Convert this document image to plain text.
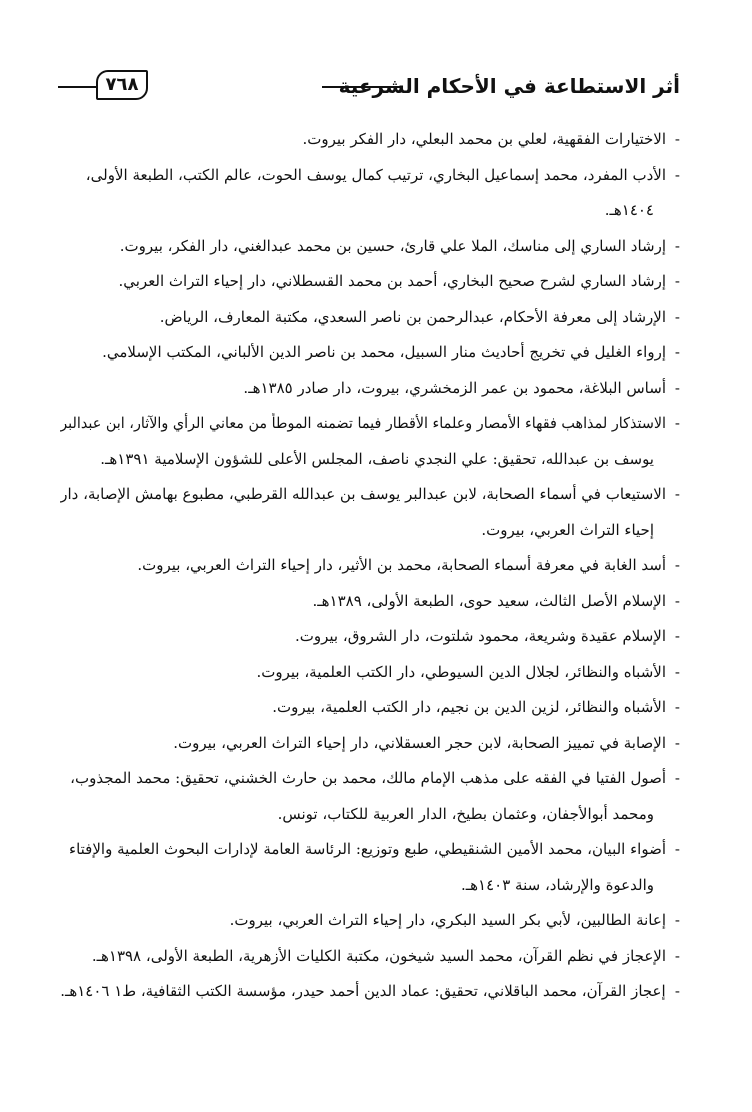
أثر الاستطاعة في الأحكام الشرعية
٧٦٨
-
الاختيارات الفقهية، لعلي بن محمد البعلي، دار الفكر بيروت.
-
الأدب المفرد، محمد إسماعيل البخاري، ترتيب كمال يوسف الحوت، عالم الكتب، الطبعة الأولى،
١٤٠٤هـ.
-
إرشاد الساري إلى مناسك، الملا علي قارئ، حسين بن محمد عبدالغني، دار الفكر، بيروت.
-
إرشاد الساري لشرح صحيح البخاري، أحمد بن محمد القسطلاني، دار إحياء التراث العربي.
-
الإرشاد إلى معرفة الأحكام، عبدالرحمن بن ناصر السعدي، مكتبة المعارف، الرياض.
-
إرواء الغليل في تخريج أحاديث منار السبيل، محمد بن ناصر الدين الألباني، المكتب الإسلامي.
-
أساس البلاغة، محمود بن عمر الزمخشري، بيروت، دار صادر ١٣٨٥هـ.
-
الاستذكار لمذاهب فقهاء الأمصار وعلماء الأقطار فيما تضمنه الموطأ من معاني الرأي والآثار، ابن عبدالبر
يوسف بن عبدالله، تحقيق: علي النجدي ناصف، المجلس الأعلى للشؤون الإسلامية ١٣٩١هـ.
-
الاستيعاب في أسماء الصحابة، لابن عبدالبر يوسف بن عبدالله القرطبي، مطبوع بهامش الإصابة، دار
إحياء التراث العربي، بيروت.
-
أسد الغابة في معرفة أسماء الصحابة، محمد بن الأثير، دار إحياء التراث العربي، بيروت.
-
الإسلام الأصل الثالث، سعيد حوى، الطبعة الأولى، ١٣٨٩هـ.
-
الإسلام عقيدة وشريعة، محمود شلتوت، دار الشروق، بيروت.
-
الأشباه والنظائر، لجلال الدين السيوطي، دار الكتب العلمية، بيروت.
-
الأشباه والنظائر، لزين الدين بن نجيم، دار الكتب العلمية، بيروت.
-
الإصابة في تمييز الصحابة، لابن حجر العسقلاني، دار إحياء التراث العربي، بيروت.
-
أصول الفتيا في الفقه على مذهب الإمام مالك، محمد بن حارث الخشني، تحقيق: محمد المجذوب،
ومحمد أبوالأجفان، وعثمان بطيخ، الدار العربية للكتاب، تونس.
-
أضواء البيان، محمد الأمين الشنقيطي، طبع وتوزيع: الرئاسة العامة لإدارات البحوث العلمية والإفتاء
والدعوة والإرشاد، سنة ١٤٠٣هـ.
-
إعانة الطالبين، لأبي بكر السيد البكري، دار إحياء التراث العربي، بيروت.
-
الإعجاز في نظم القرآن، محمد السيد شيخون، مكتبة الكليات الأزهرية، الطبعة الأولى، ١٣٩٨هـ.
-
إعجاز القرآن، محمد الباقلاني، تحقيق: عماد الدين أحمد حيدر، مؤسسة الكتب الثقافية، ط١ ١٤٠٦هـ.
